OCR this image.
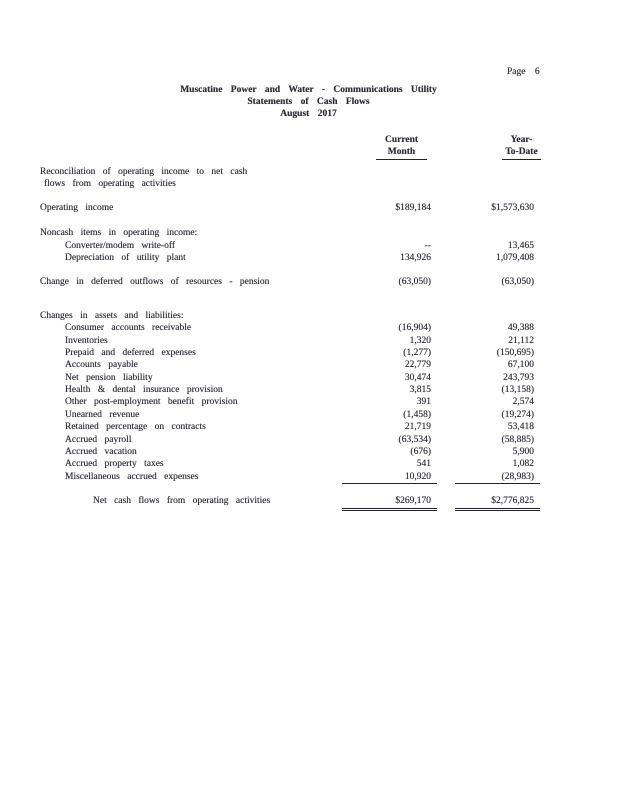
Page 6
Muscatine Power and Water - Communications Utility
Statements of Cash Flows
August 2017
Current
Month
Year-
To-Date
Reconciliation of operating income to net cash
flows from operating activities
Operating income	$189,184	$1,573,630
Noncash items in operating income:
Converter/modem write-off	--	13,465
Depreciation of utility plant	134,926	1,079,408
Change in deferred outflows of resources - pension	(63,050)	(63,050)
Changes in assets and liabilities:
Consumer accounts receivable	(16,904)	49,388
Inventories	1,320	21,112
Prepaid and deferred expenses	(1,277)	(150,695)
Accounts payable	22,779	67,100
Net pension liability	30,474	243,793
Health & dental insurance provision	3,815	(13,158)
Other post-employment benefit provision	391	2,574
Unearned revenue	(1,458)	(19,274)
Retained percentage on contracts	21,719	53,418
Accrued payroll	(63,534)	(58,885)
Accrued vacation	(676)	5,900
Accrued property taxes	541	1,082
Miscellaneous accrued expenses	10,920	(28,983)
Net cash flows from operating activities	$269,170	$2,776,825
